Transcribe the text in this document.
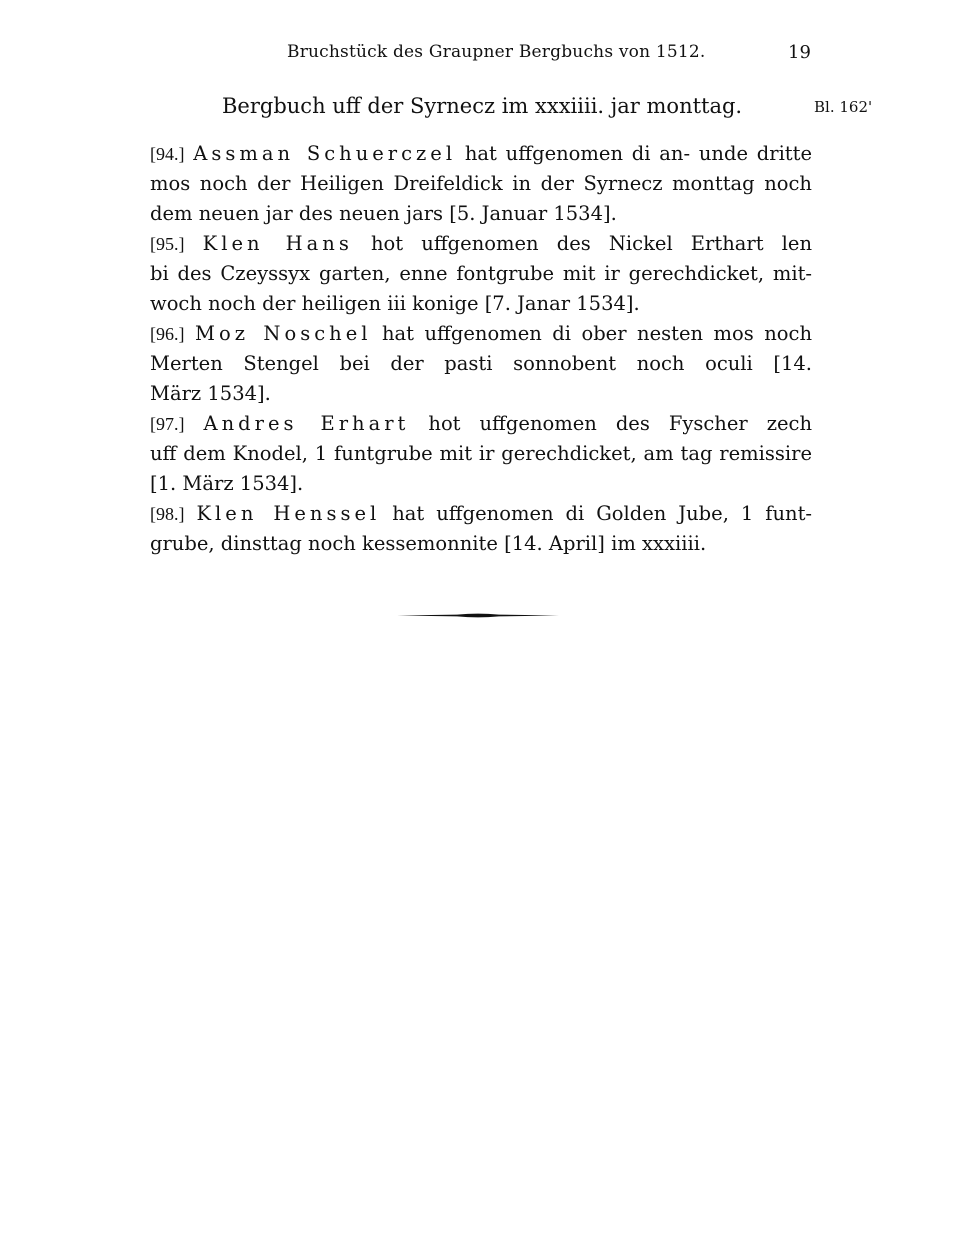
Bruchstück des Graupner Bergbuchs von 1512.	19
Bergbuch uff der Syrnecz im xxxiiii. jar monttag.	Bl. 162'
[94.] Assman Schuerczel hat uffgenomen di an- unde dritte
mos noch der Heiligen Dreifeldick in der Syrnecz monttag noch
dem neuen jar des neuen jars [5. Januar 1534].
[95.] Klen Hans hot uffgenomen des Nickel Erthart len
bi des Czeyssyx garten, enne fontgrube mit ir gerechdicket, mit-
woch noch der heiligen iii konige [7. Janar 1534].
[96.] Moz Noschel hat uffgenomen di ober nesten mos noch
Merten Stengel bei der pasti sonnobent noch oculi [14.
März 1534].
[97.] Andres Erhart hot uffgenomen des Fyscher zech
uff dem Knodel, 1 funtgrube mit ir gerechdicket, am tag remissire
[1. März 1534].
[98.] Klen Henssel hat uffgenomen di Golden Jube, 1 funt-
grube, dinsttag noch kessemonnite [14. April] im xxxiiii.
